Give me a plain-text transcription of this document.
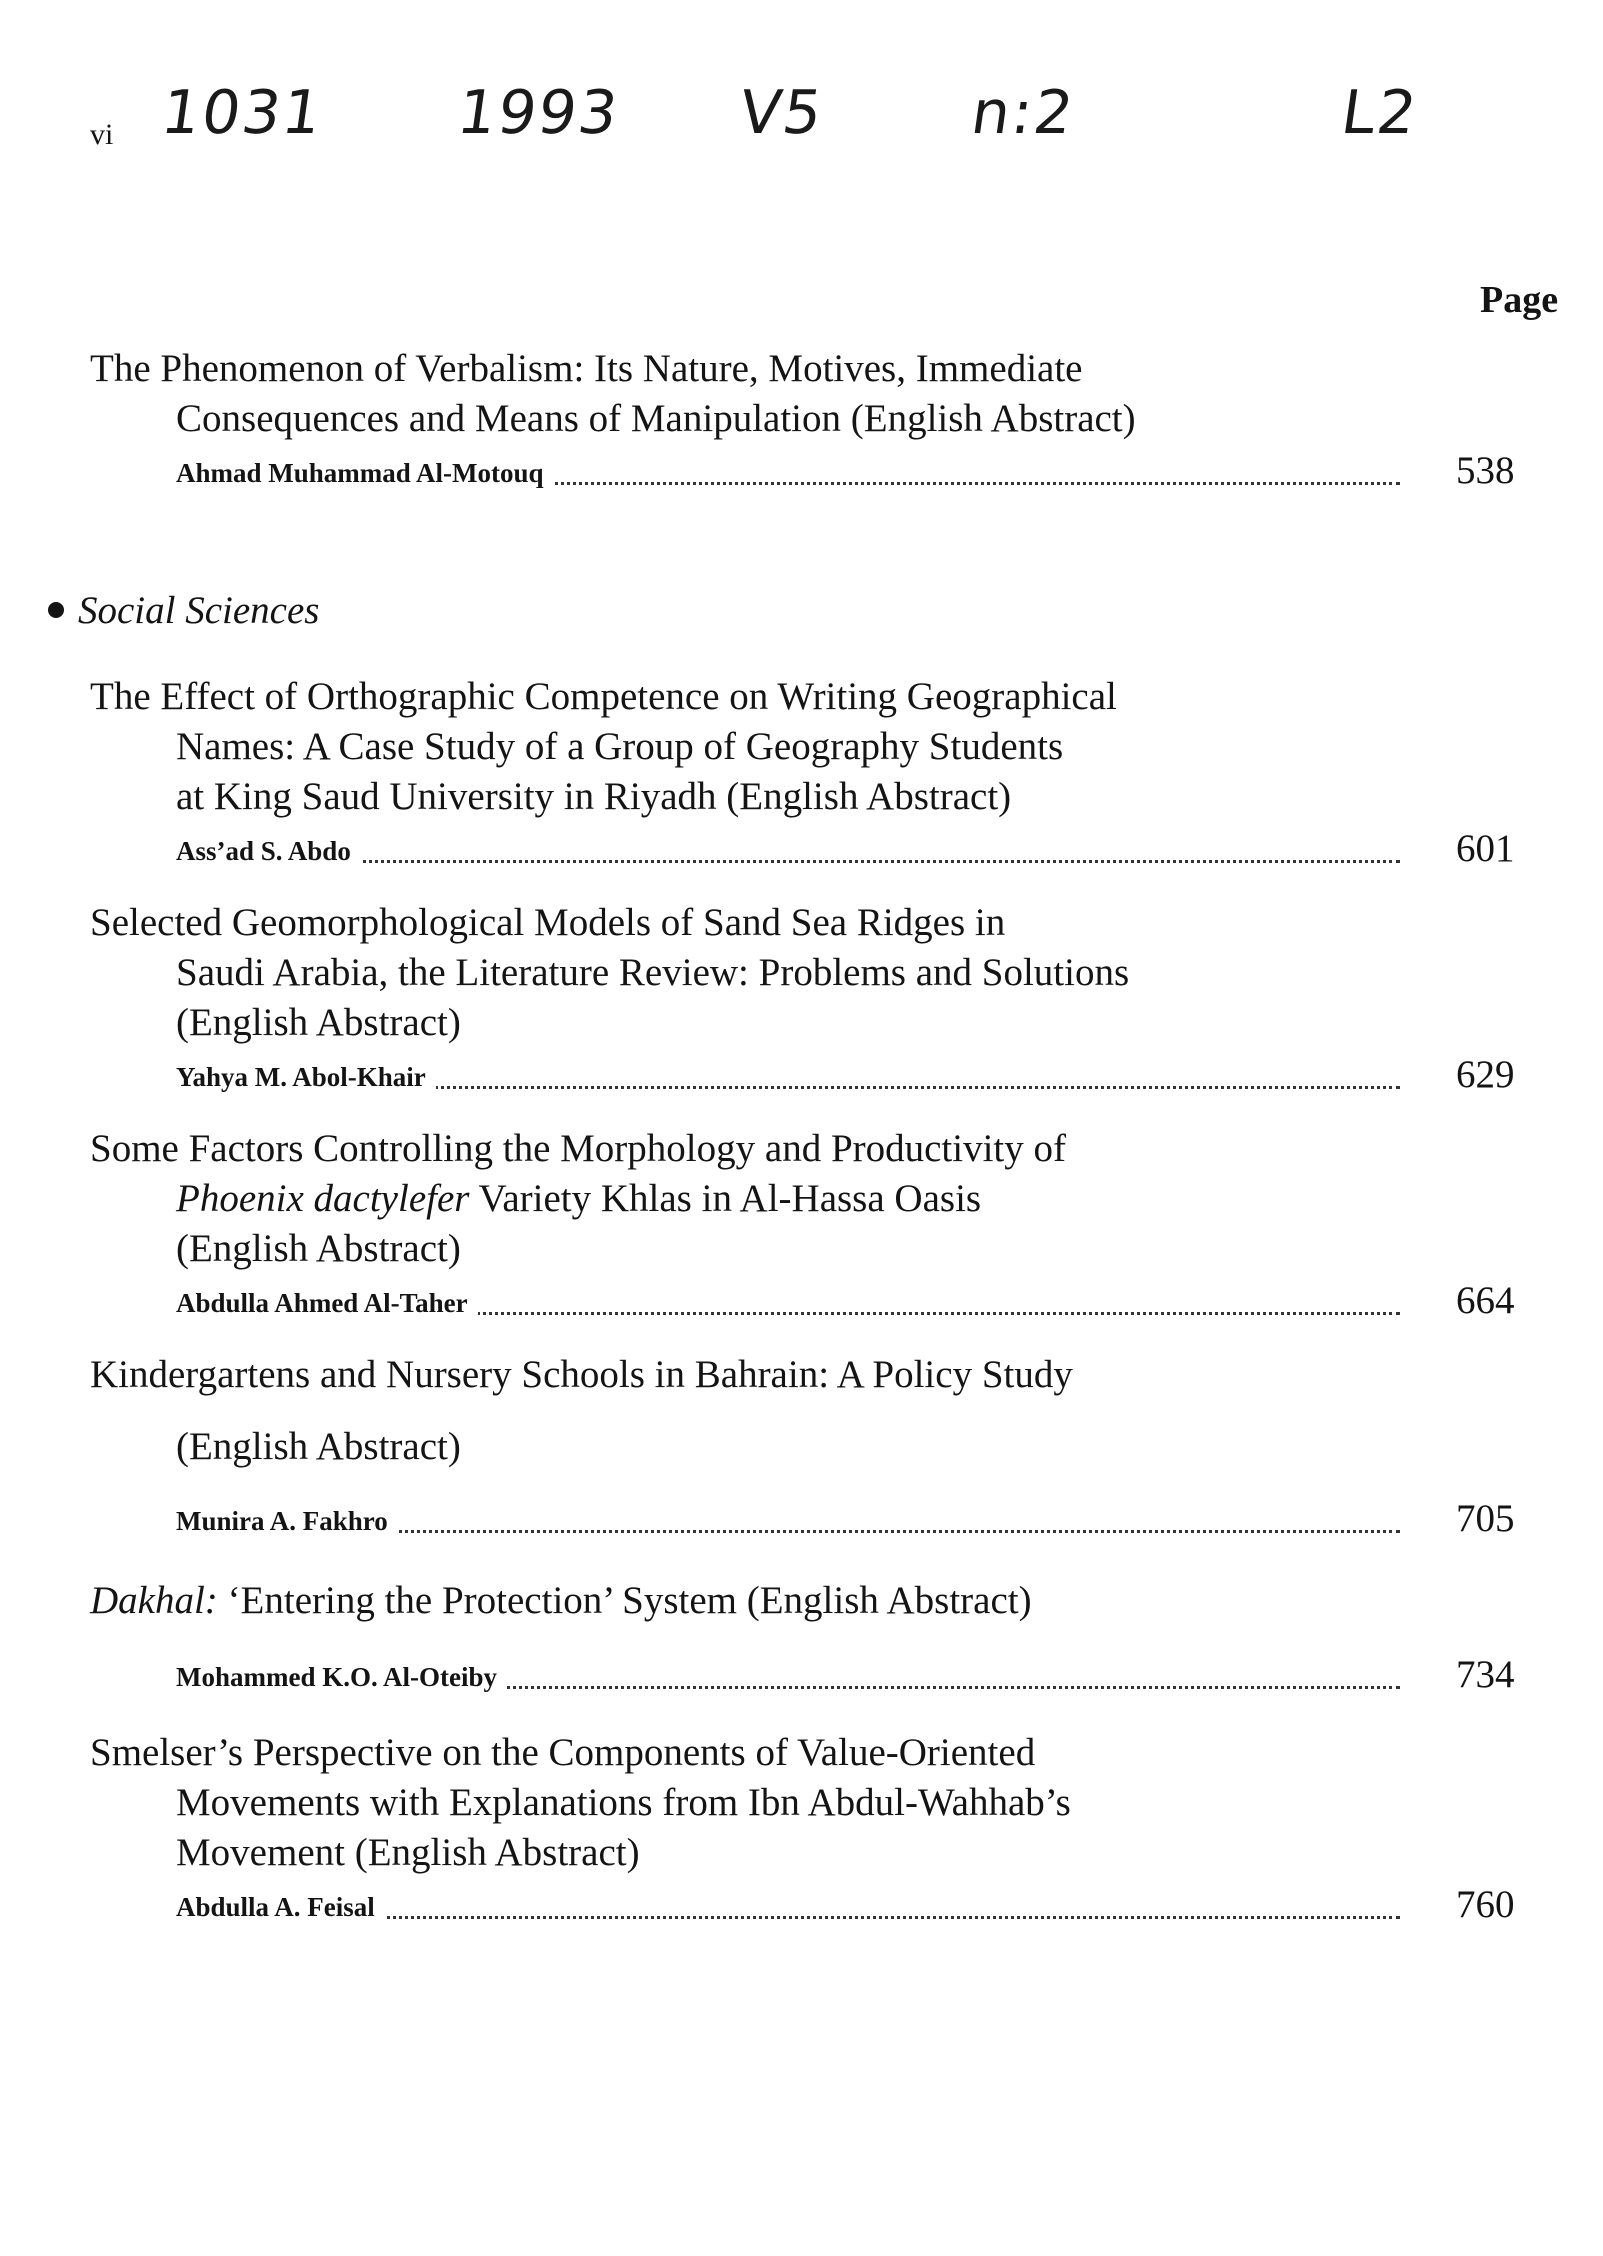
vi 1031 1993 V5 n:2	L2
Page
The Phenomenon of Verbalism: Its Nature, Motives, Immediate
Consequences and Means of Manipulation (English Abstract)
Ahmad Muhammad Al-Motouq	538
Social Sciences
The Effect of Orthographic Competence on Writing Geographical
Names: A Case Study of a Group of Geography Students
at King Saud University in Riyadh (English Abstract)
Ass’ad S. Abdo	601
Selected Geomorphological Models of Sand Sea Ridges in
Saudi Arabia, the Literature Review: Problems and Solutions
(English Abstract)
Yahya M. Abol-Khair	629
Some Factors Controlling the Morphology and Productivity of
Phoenix dactylefer Variety Khlas in Al-Hassa Oasis
(English Abstract)
Abdulla Ahmed Al-Taher	664
Kindergartens and Nursery Schools in Bahrain: A Policy Study
(English Abstract)
Munira A. Fakhro	705
Dakhal: ‘Entering the Protection’ System (English Abstract)
Mohammed K.O. Al-Oteiby	734
Smelser’s Perspective on the Components of Value-Oriented
Movements with Explanations from Ibn Abdul-Wahhab’s
Movement (English Abstract)
Abdulla A. Feisal	760
